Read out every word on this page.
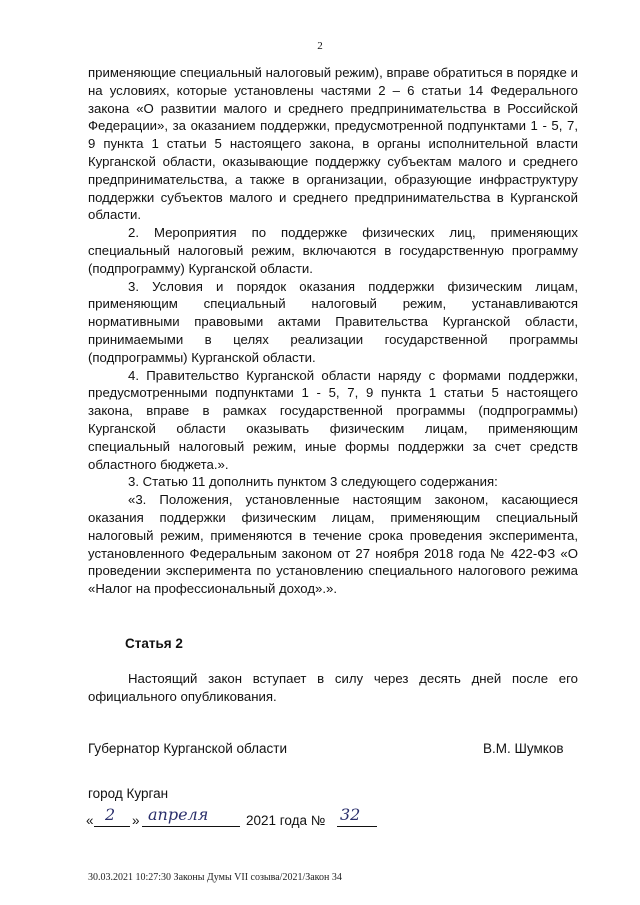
2

применяющие специальный налоговый режим), вправе обратиться в порядке и на условиях, которые установлены частями 2 – 6 статьи 14 Федерального закона «О развитии малого и среднего предпринимательства в Российской Федерации», за оказанием поддержки, предусмотренной подпунктами 1 - 5, 7, 9 пункта 1 статьи 5 настоящего закона, в органы исполнительной власти Курганской области, оказывающие поддержку субъектам малого и среднего предпринимательства, а также в организации, образующие инфраструктуру поддержки субъектов малого и среднего предпринимательства в Курганской области.

2. Мероприятия по поддержке физических лиц, применяющих специальный налоговый режим, включаются в государственную программу (подпрограмму) Курганской области.

3. Условия и порядок оказания поддержки физическим лицам, применяющим специальный налоговый режим, устанавливаются нормативными правовыми актами Правительства Курганской области, принимаемыми в целях реализации государственной программы (подпрограммы) Курганской области.

4. Правительство Курганской области наряду с формами поддержки, предусмотренными подпунктами 1 - 5, 7, 9 пункта 1 статьи 5 настоящего закона, вправе в рамках государственной программы (подпрограммы) Курганской области оказывать физическим лицам, применяющим специальный налоговый режим, иные формы поддержки за счет средств областного бюджета.».

3. Статью 11 дополнить пунктом 3 следующего содержания:

«3. Положения, установленные настоящим законом, касающиеся оказания поддержки физическим лицам, применяющим специальный налоговый режим, применяются в течение срока проведения эксперимента, установленного Федеральным законом от 27 ноября 2018 года № 422-ФЗ «О проведении эксперимента по установлению специального налогового режима «Налог на профессиональный доход».».

Статья 2
Настоящий закон вступает в силу через десять дней после его официального опубликования.
Губернатор Курганской области	В.М. Шумков
город Курган
« 2 » апреля	2021 года № 32
30.03.2021 10:27:30 Законы Думы VII созыва/2021/Закон 34
